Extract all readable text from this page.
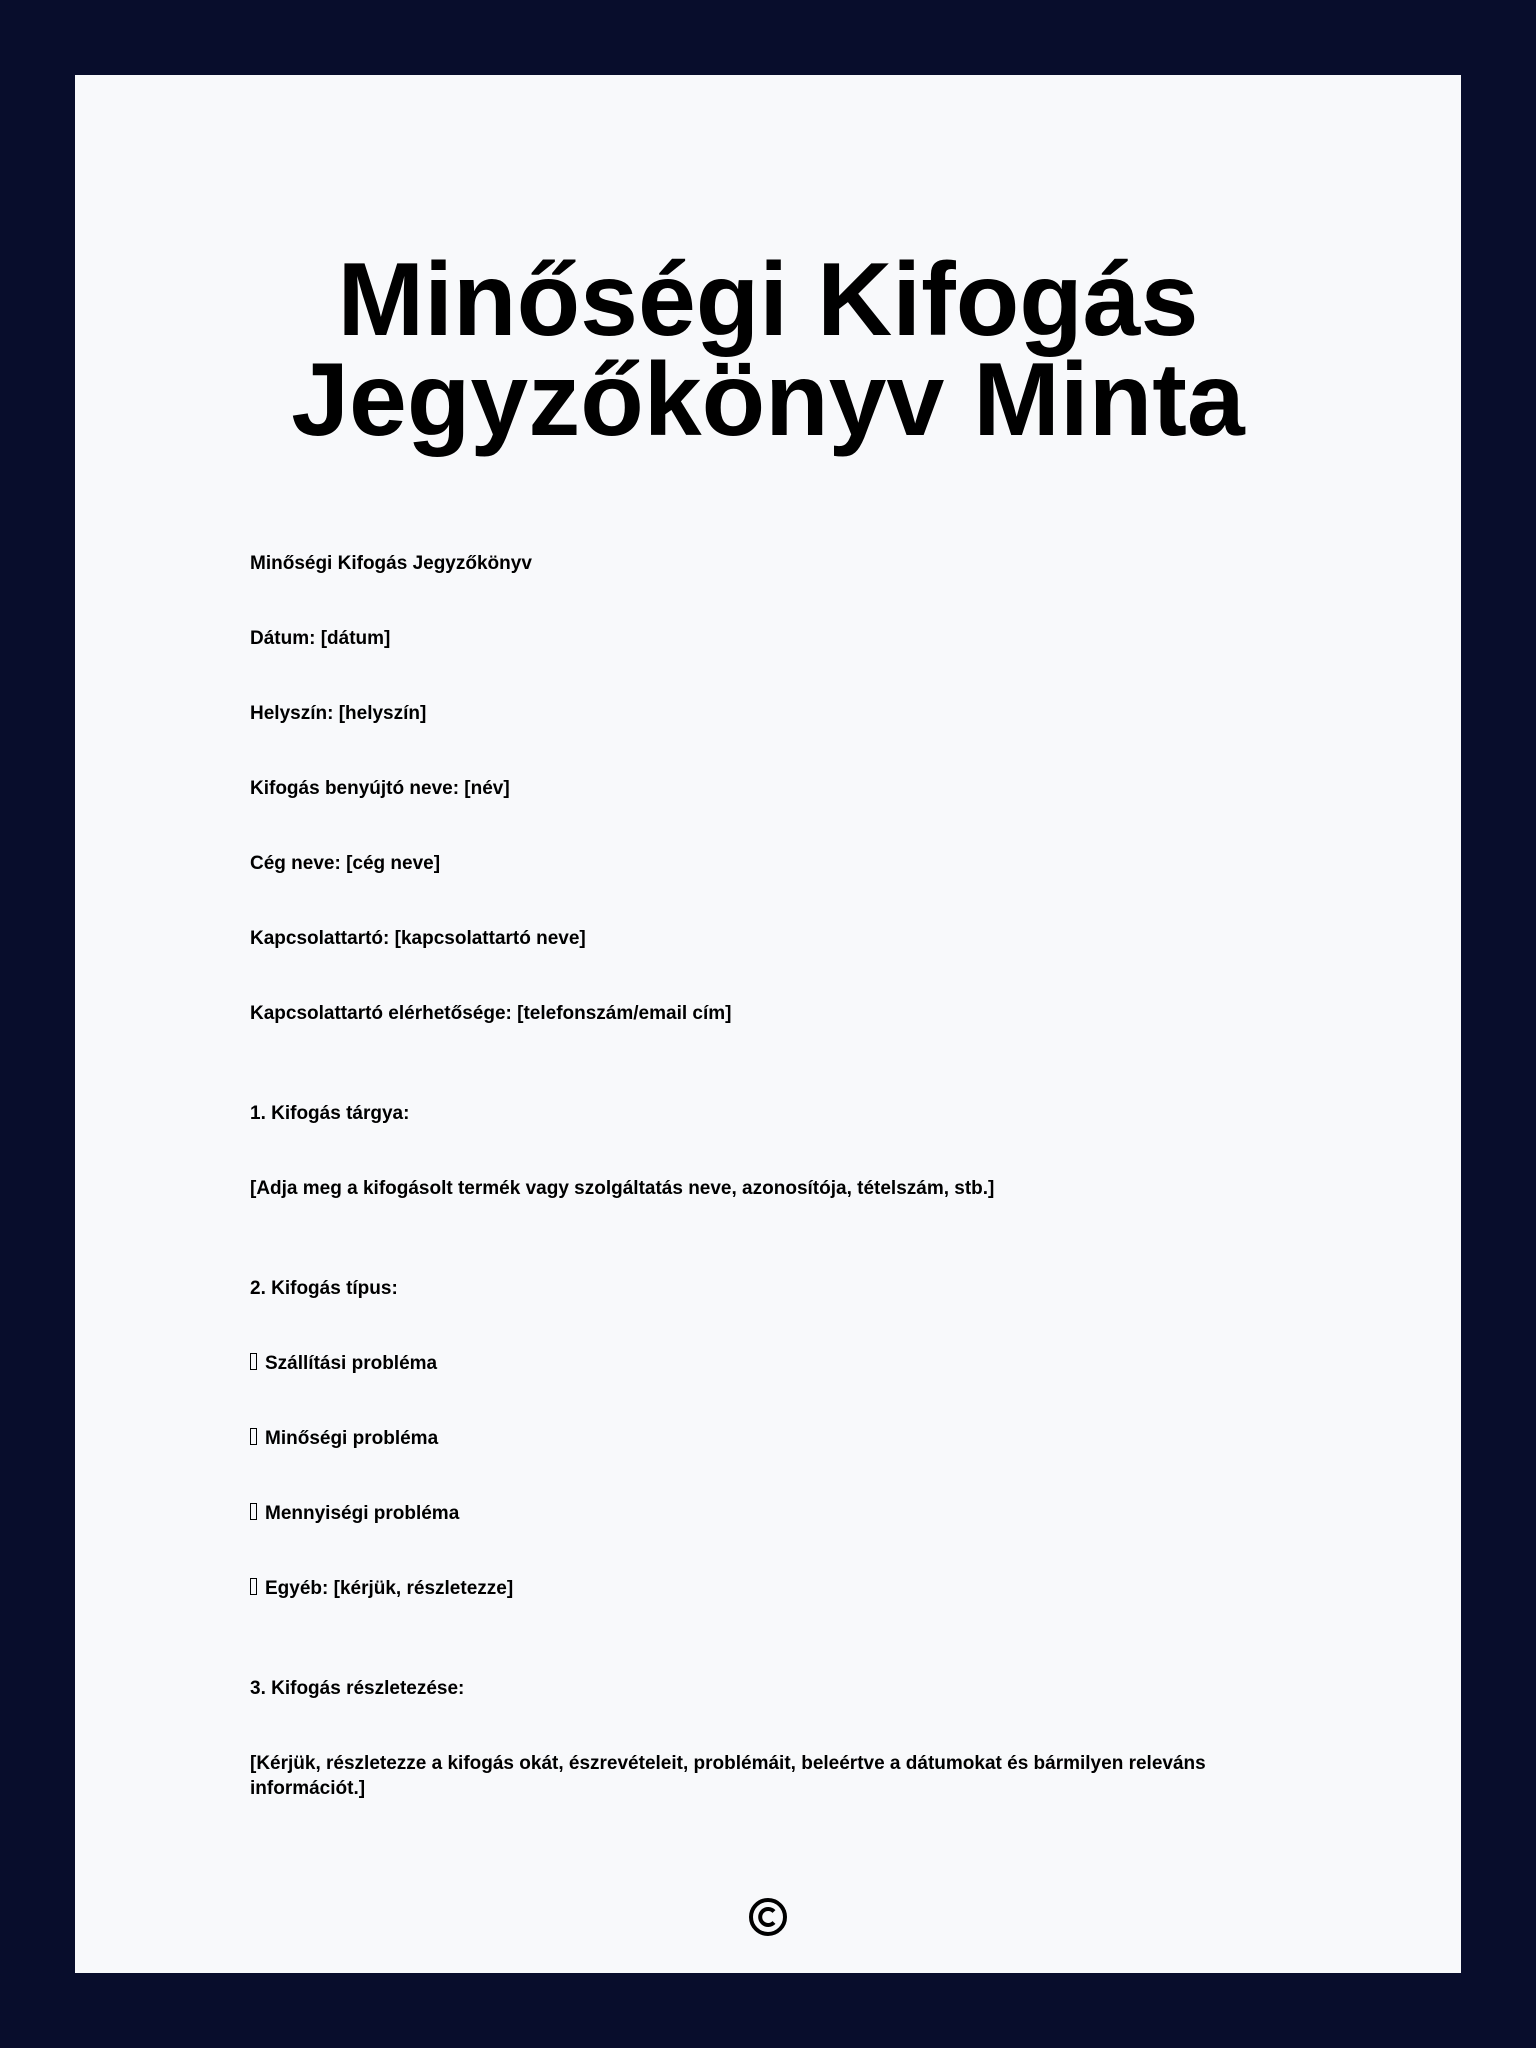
Minőségi Kifogás
Jegyzőkönyv Minta

Minőségi Kifogás Jegyzőkönyv

Dátum: [dátum]

Helyszín: [helyszín]

Kifogás benyújtó neve: [név]

Cég neve: [cég neve]

Kapcsolattartó: [kapcsolattartó neve]

Kapcsolattartó elérhetősége: [telefonszám/email cím]

1. Kifogás tárgya:

[Adja meg a kifogásolt termék vagy szolgáltatás neve, azonosítója, tételszám, stb.]

2. Kifogás típus:

Szállítási probléma

Minőségi probléma

Mennyiségi probléma

Egyéb: [kérjük, részletezze]

3. Kifogás részletezése:

[Kérjük, részletezze a kifogás okát, észrevételeit, problémáit, beleértve a dátumokat és bármilyen releváns információt.]
